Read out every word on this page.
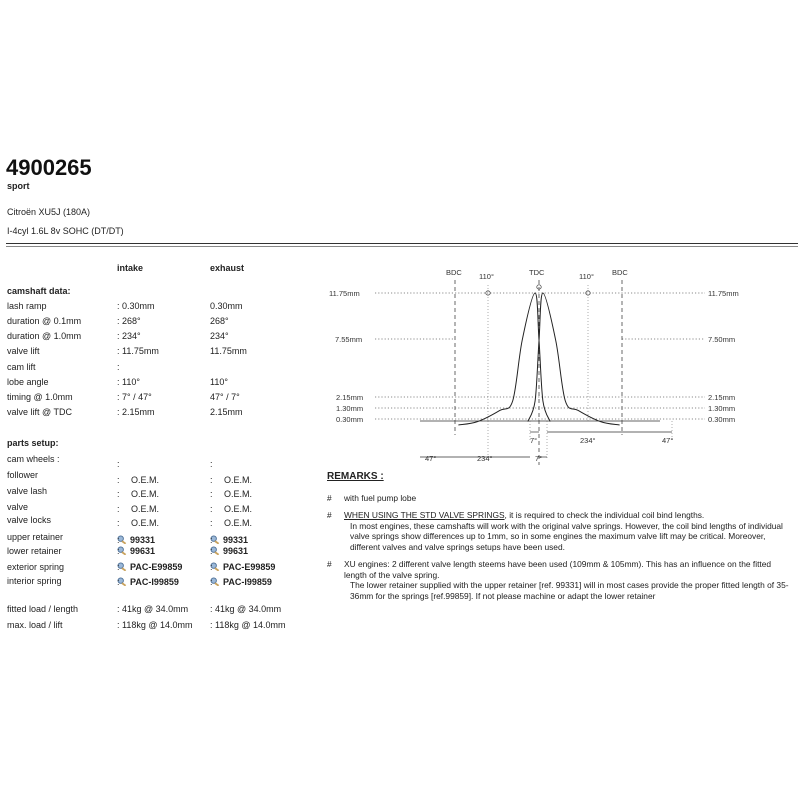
4900265
sport
Citroën XU5J (180A)
I-4cyl 1.6L 8v SOHC (DT/DT)
intake	exhaust
camshaft data:
lash ramp	: 0.30mm	0.30mm
duration @ 0.1mm	: 268°	268°
duration @ 1.0mm	: 234°	234°
valve lift	: 11.75mm	11.75mm
cam lift	:
lobe angle	: 110°	110°
timing @ 1.0mm	: 7° / 47°	47° / 7°
valve lift @ TDC	: 2.15mm	2.15mm
parts setup:
cam wheels :	:	:
follower	: O.E.M.	: O.E.M.
valve lash	: O.E.M.	: O.E.M.
valve	: O.E.M.	: O.E.M.
valve locks	: O.E.M.	: O.E.M.
upper retainer	: 99331	: 99331
lower retainer	: 99631	: 99631
exterior spring	: PAC-E99859	: PAC-E99859
interior spring	: PAC-I99859	: PAC-I99859
fitted load / length	: 41kg @ 34.0mm : 41kg @ 34.0mm
max. load / lift	: 118kg @ 14.0mm : 118kg @ 14.0mm
BDC	TDC	BDC
110°	110°
11.75mm
7.55mm
2.15mm
1.30mm
0.30mm
11.75mm
7.50mm
2.15mm
1.30mm
0.30mm
7°	234°	47°
47°	234°	7°
REMARKS :
# with fuel pump lobe
# WHEN USING THE STD VALVE SPRINGS, it is required to check the individual coil bind lengths.
In most engines, these camshafts will work with the original valve springs. However, the coil bind lengths of individual valve springs show differences up to 1mm, so in some engines the maximum valve lift may be critical. Moreover, different valves and valve springs setups have been used.
# XU engines: 2 different valve length steems have been used (109mm & 105mm). This has an influence on the fitted length of the valve spring.
The lower retainer supplied with the upper retainer [ref. 99331] will in most cases provide the proper fitted length of 35-36mm for the springs [ref.99859]. If not please machine or adapt the lower retainer
